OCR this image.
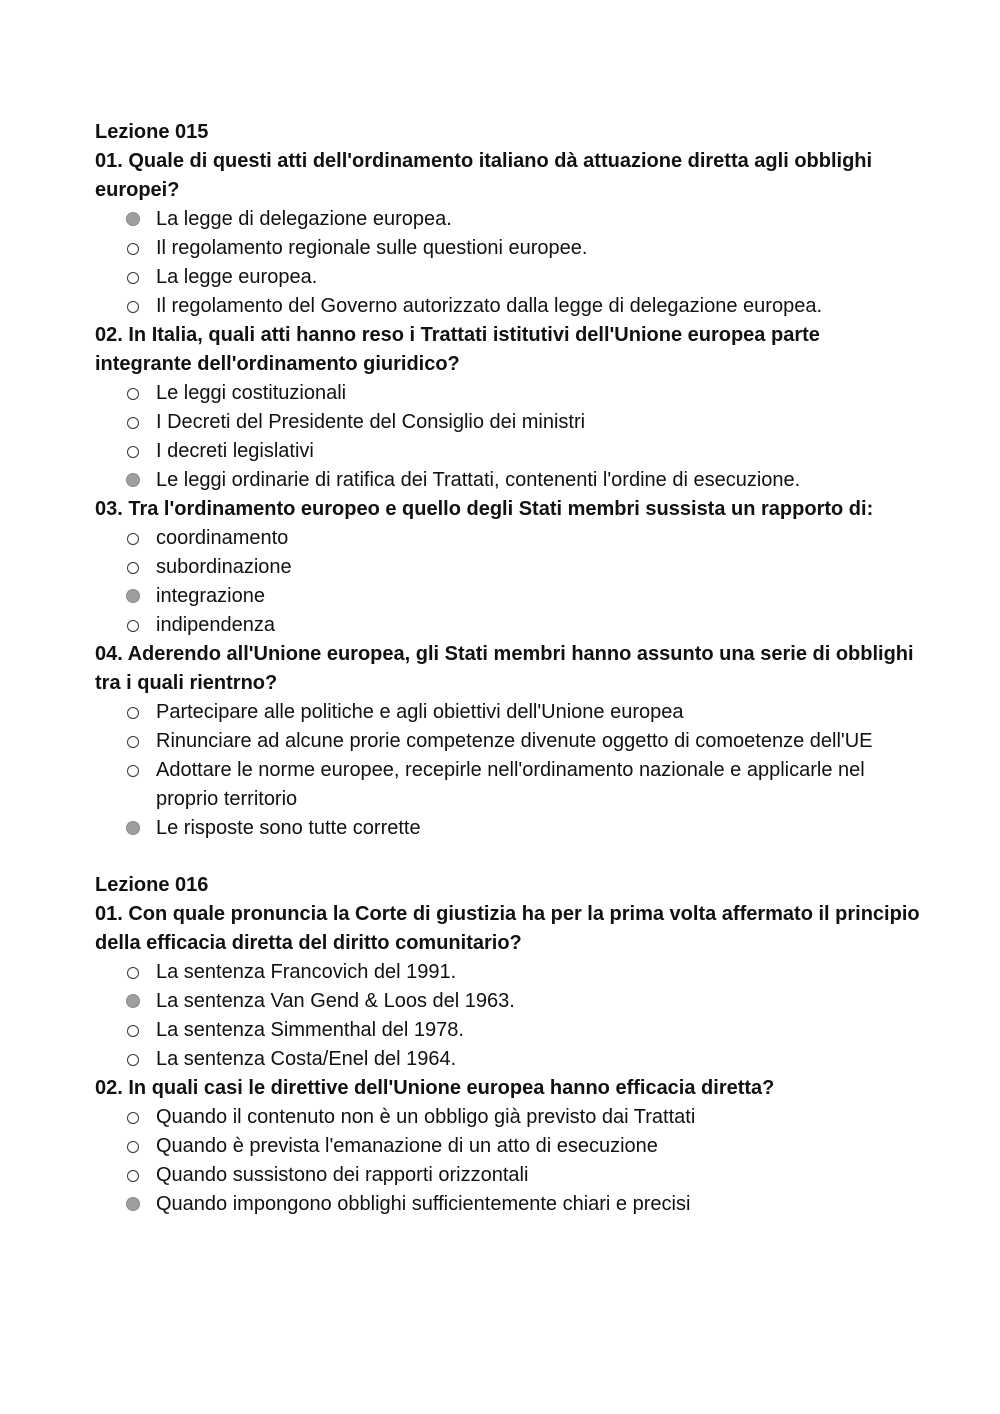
Lezione 015

01. Quale di questi atti dell'ordinamento italiano dà attuazione diretta agli obblighi europei?

La legge di delegazione europea.
Il regolamento regionale sulle questioni europee.
La legge europea.
Il regolamento del Governo autorizzato dalla legge di delegazione europea.

02. In Italia, quali atti hanno reso i Trattati istitutivi dell'Unione europea parte integrante dell'ordinamento giuridico?

Le leggi costituzionali
I Decreti del Presidente del Consiglio dei ministri
I decreti legislativi
Le leggi ordinarie di ratifica dei Trattati, contenenti l'ordine di esecuzione.

03. Tra l'ordinamento europeo e quello degli Stati membri sussista un rapporto di:

coordinamento
subordinazione
integrazione
indipendenza

04. Aderendo all'Unione europea, gli Stati membri hanno assunto una serie di obblighi tra i quali rientrno?

Partecipare alle politiche e agli obiettivi dell'Unione europea
Rinunciare ad alcune prorie competenze divenute oggetto di comoetenze dell'UE
Adottare le norme europee, recepirle nell'ordinamento nazionale e applicarle nel proprio territorio
Le risposte sono tutte corrette
Lezione 016

01. Con quale pronuncia la Corte di giustizia ha per la prima volta affermato il principio della efficacia diretta del diritto comunitario?

La sentenza Francovich del 1991.
La sentenza Van Gend & Loos del 1963.
La sentenza Simmenthal del 1978.
La sentenza Costa/Enel del 1964.

02. In quali casi le direttive dell'Unione europea hanno efficacia diretta?

Quando il contenuto non è un obbligo già previsto dai Trattati
Quando è prevista l'emanazione di un atto di esecuzione
Quando sussistono dei rapporti orizzontali
Quando impongono obblighi sufficientemente chiari e precisi
